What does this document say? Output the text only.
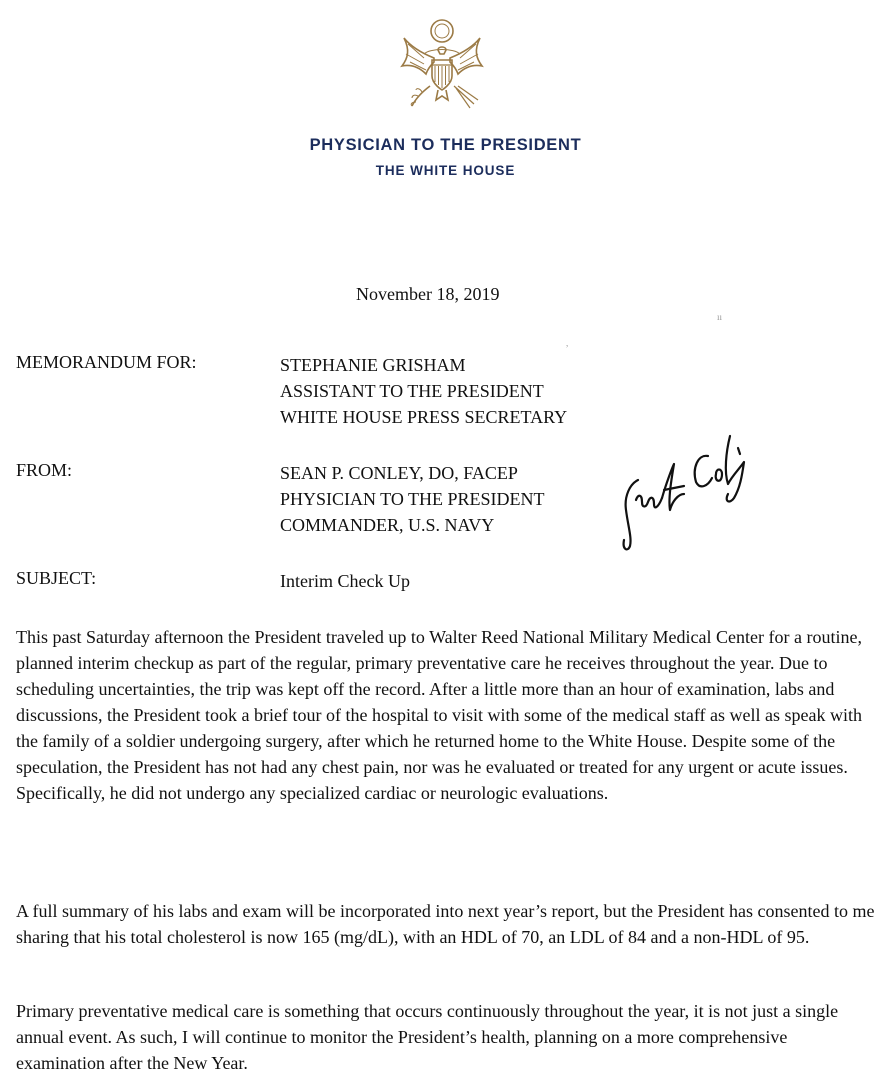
PHYSICIAN TO THE PRESIDENT
THE WHITE HOUSE
November 18, 2019
ıı
,
MEMORANDUM FOR:	STEPHANIE GRISHAM
ASSISTANT TO THE PRESIDENT
WHITE HOUSE PRESS SECRETARY
FROM:	SEAN P. CONLEY, DO, FACEP
PHYSICIAN TO THE PRESIDENT
COMMANDER, U.S. NAVY
SUBJECT:	Interim Check Up
This past Saturday afternoon the President traveled up to Walter Reed National Military Medical Center for a routine, planned interim checkup as part of the regular, primary preventative care he receives throughout the year. Due to scheduling uncertainties, the trip was kept off the record. After a little more than an hour of examination, labs and discussions, the President took a brief tour of the hospital to visit with some of the medical staff as well as speak with the family of a soldier undergoing surgery, after which he returned home to the White House. Despite some of the speculation, the President has not had any chest pain, nor was he evaluated or treated for any urgent or acute issues. Specifically, he did not undergo any specialized cardiac or neurologic evaluations.
A full summary of his labs and exam will be incorporated into next year’s report, but the President has consented to me sharing that his total cholesterol is now 165 (mg/dL), with an HDL of 70, an LDL of 84 and a non-HDL of 95.
Primary preventative medical care is something that occurs continuously throughout the year, it is not just a single annual event. As such, I will continue to monitor the President’s health, planning on a more comprehensive examination after the New Year.
